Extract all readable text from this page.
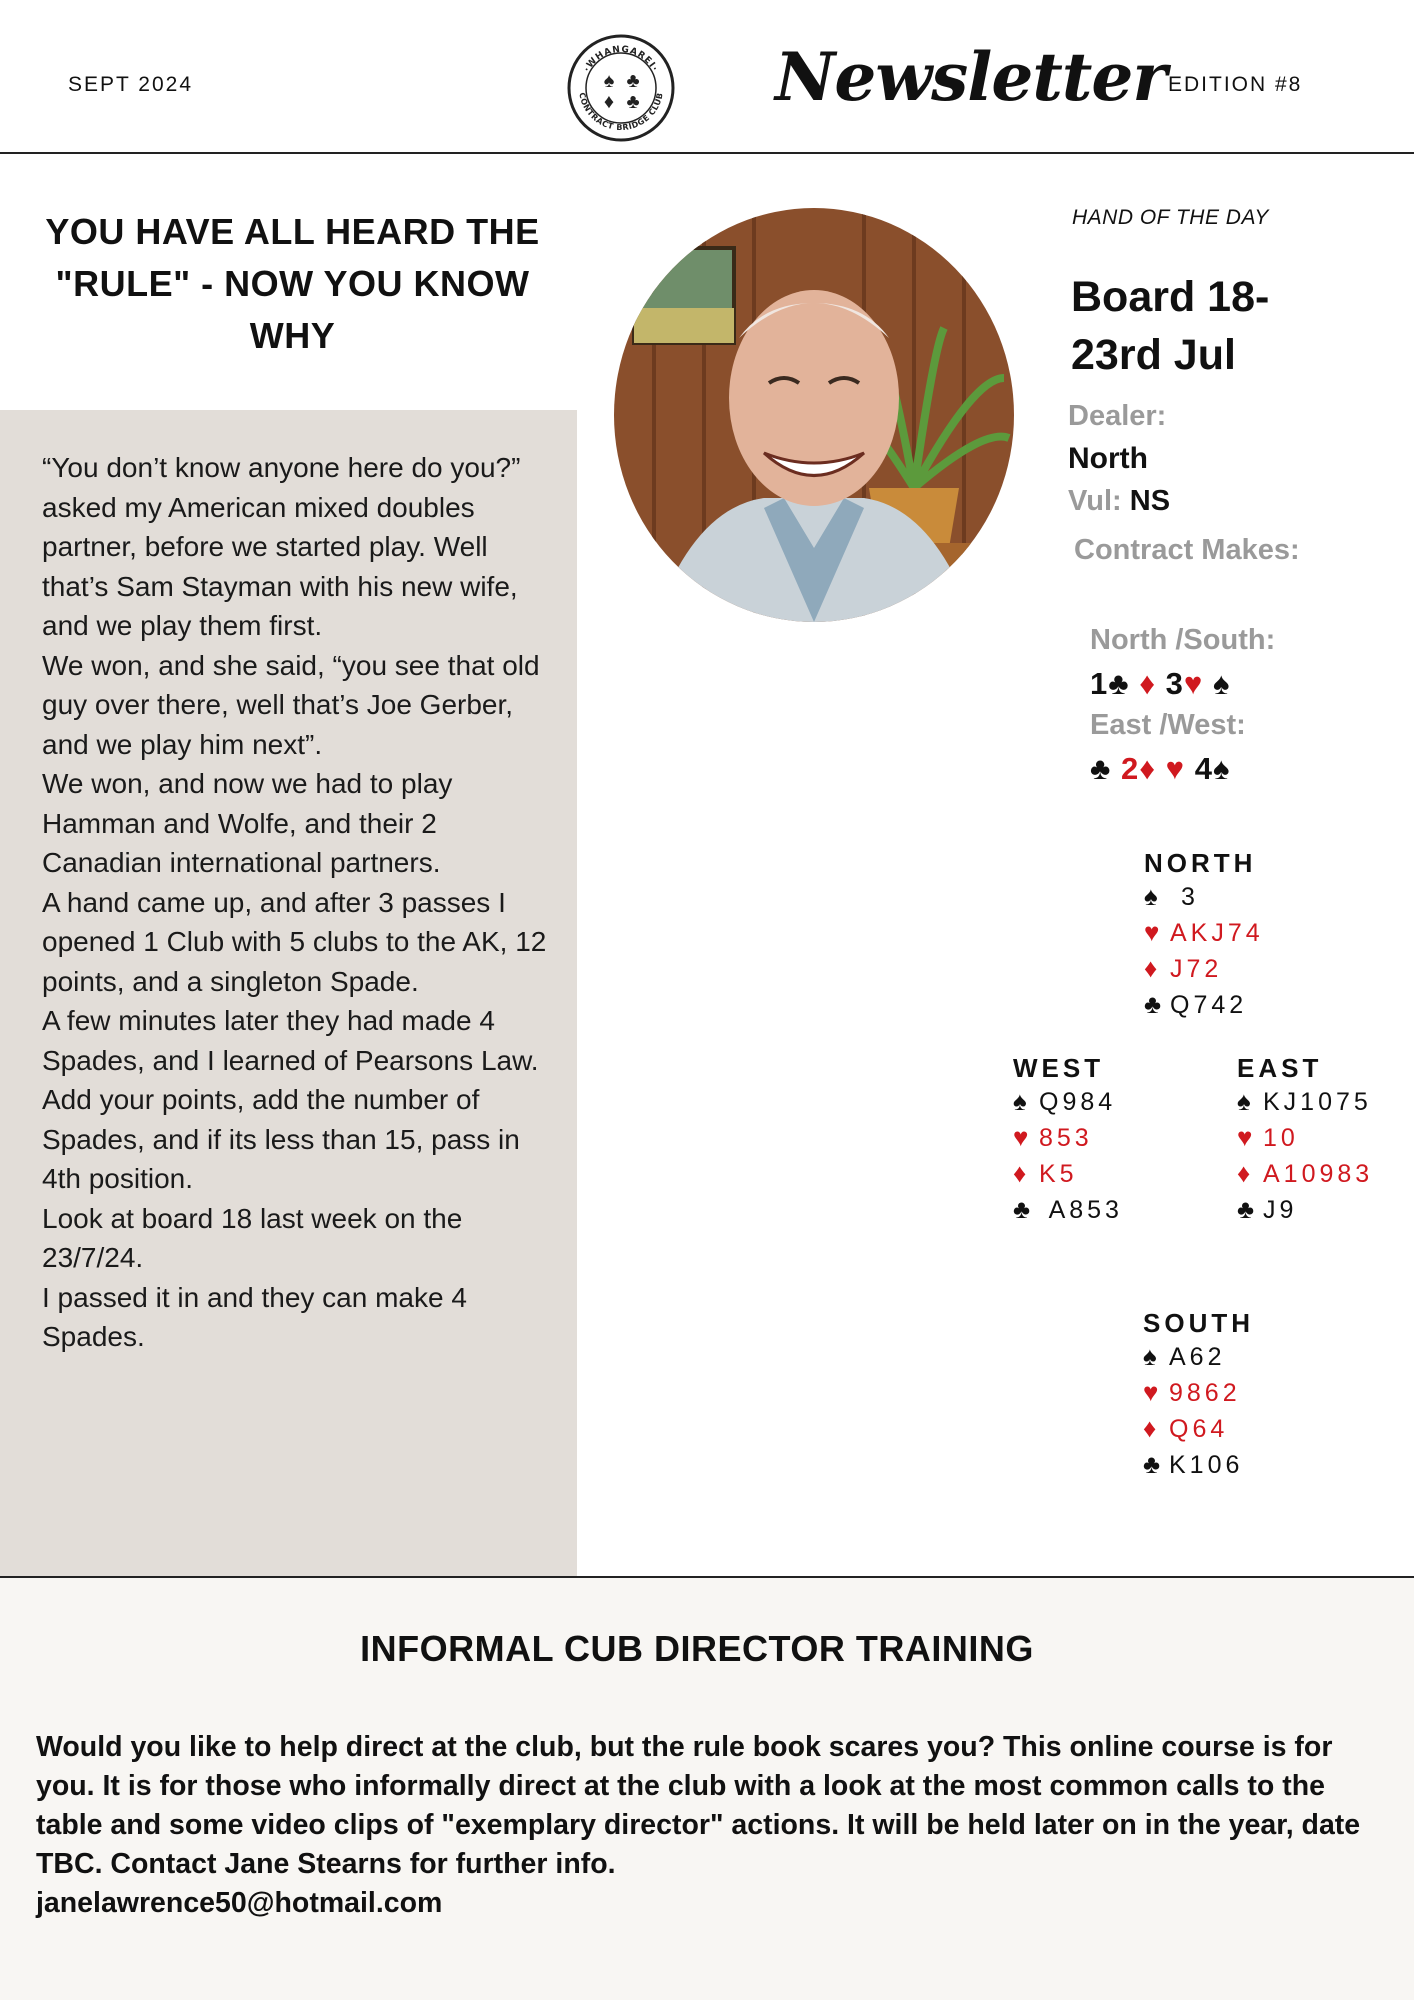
SEPT 2024
·WHANGAREI·
CONTRACT BRIDGE CLUB
♠ ♣
♦ ♣ Newsletter EDITION #8
YOU HAVE ALL HEARD THE "RULE" - NOW YOU KNOW WHY

“You don’t know anyone here do you?” asked my American mixed doubles partner, before we started play. Well that’s Sam Stayman with his new wife, and we play them first.

We won, and she said, “you see that old guy over there, well that’s Joe Gerber, and we play him next”.

We won, and now we had to play Hamman and Wolfe, and their 2 Canadian international partners.

A hand came up, and after 3 passes I opened 1 Club with 5 clubs to the AK, 12 points, and a singleton Spade.

A few minutes later they had made 4 Spades, and I learned of Pearsons Law.

Add your points, add the number of Spades, and if its less than 15, pass in 4th position.

Look at board 18 last week on the 23/7/24.

I passed it in and they can make 4 Spades.

HAND OF THE DAY
Board 18- 23rd Jul
Dealer:
North
Vul: NS
Contract Makes:
North /South:
1♣ ♦ 3♥ ♠
East /West:
♣ 2♦ ♥ 4♠
NORTH
♠ 3
♥ AKJ74
♦ J72
♣ Q742
WEST
♠ Q984
♥ 853
♦ K5
♣ A853
EAST
♠ KJ1075
♥ 10
♦ A10983
♣ J9
SOUTH
♠ A62
♥ 9862
♦ Q64
♣ K106
INFORMAL CUB DIRECTOR TRAINING

Would you like to help direct at the club, but the rule book scares you? This online course is for you. It is for those who informally direct at the club with a look at the most common calls to the table and some video clips of "exemplary director" actions. It will be held later on in the year, date TBC. Contact Jane Stearns for further info.

janelawrence50@hotmail.com
